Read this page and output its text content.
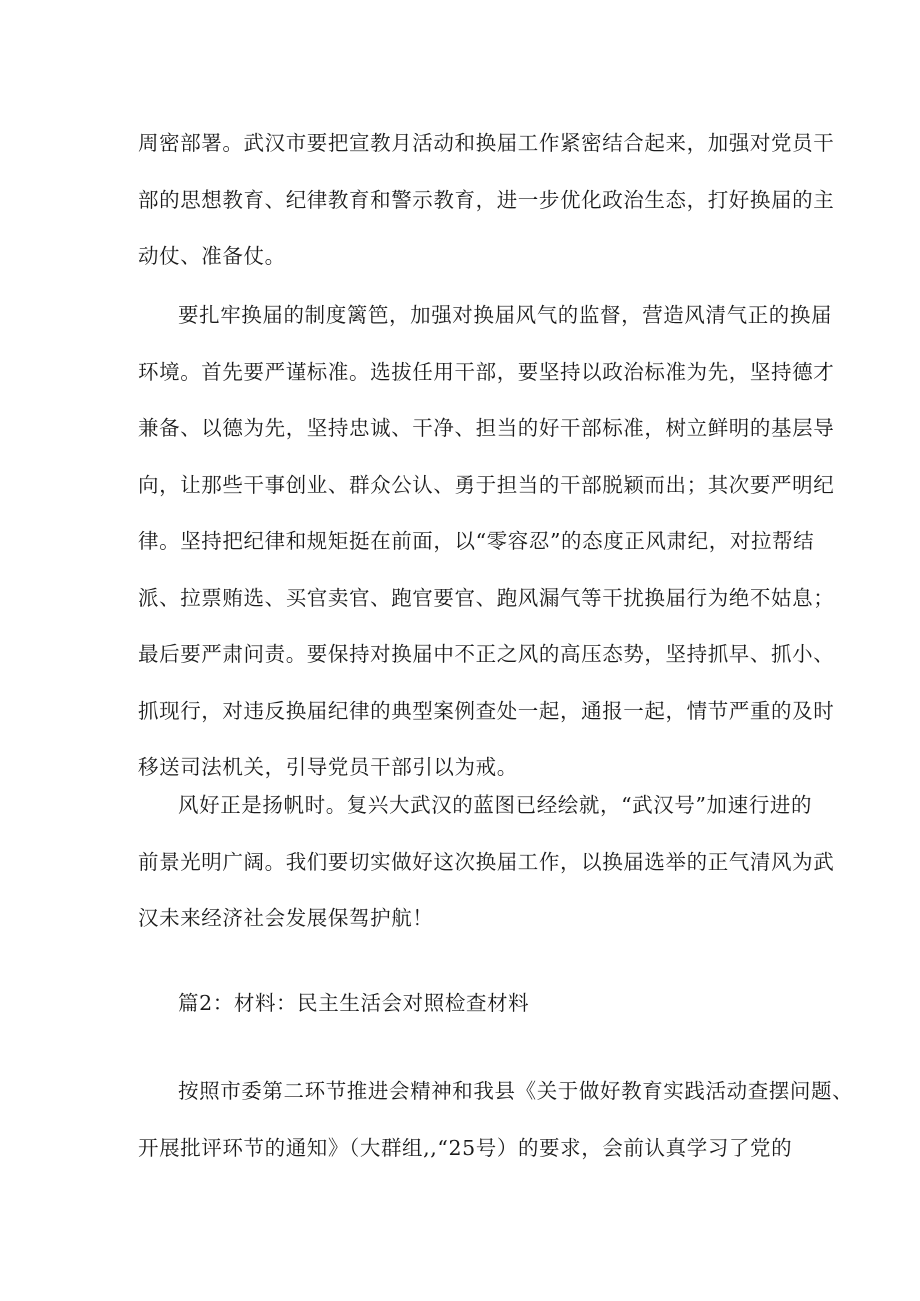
周密部署。武汉市要把宣教月活动和换届工作紧密结合起来，加强对党员干
部的思想教育、纪律教育和警示教育，进一步优化政治生态，打好换届的主
动仗、准备仗。

要扎牢换届的制度篱笆，加强对换届风气的监督，营造风清气正的换届
环境。首先要严谨标准。选拔任用干部，要坚持以政治标准为先，坚持德才
兼备、以德为先，坚持忠诚、干净、担当的好干部标准，树立鲜明的基层导
向，让那些干事创业、群众公认、勇于担当的干部脱颖而出；其次要严明纪
律。坚持把纪律和规矩挺在前面，以“零容忍”的态度正风肃纪，对拉帮结
派、拉票贿选、买官卖官、跑官要官、跑风漏气等干扰换届行为绝不姑息；
最后要严肃问责。要保持对换届中不正之风的高压态势，坚持抓早、抓小、
抓现行，对违反换届纪律的典型案例查处一起，通报一起，情节严重的及时
移送司法机关，引导党员干部引以为戒。

风好正是扬帆时。复兴大武汉的蓝图已经绘就，“武汉号”加速行进的
前景光明广阔。我们要切实做好这次换届工作，以换届选举的正气清风为武
汉未来经济社会发展保驾护航！

篇2：材料：民主生活会对照检查材料

按照市委第二环节推进会精神和我县《关于做好教育实践活动查摆问题、
开展批评环节的通知》（大群组,,“25号）的要求，会前认真学习了党的
